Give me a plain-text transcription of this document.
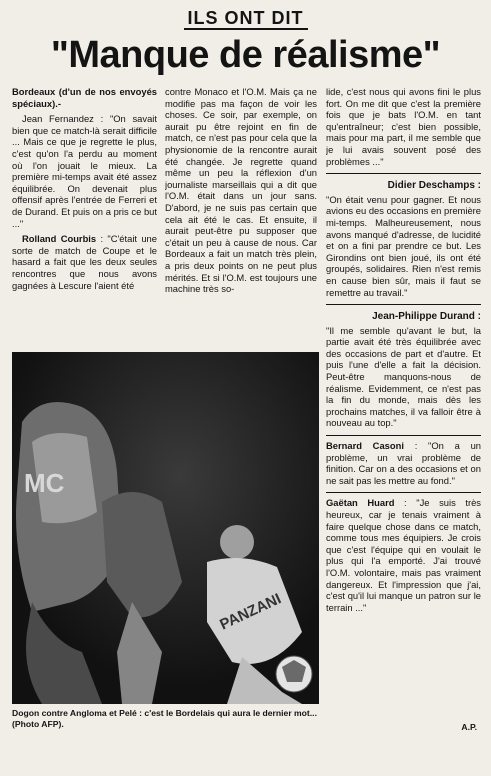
ILS ONT DIT
"Manque de réalisme"

Bordeaux (d'un de nos envoyés spéciaux).-

Jean Fernandez : "On savait bien que ce match-là serait difficile ... Mais ce que je regrette le plus, c'est qu'on l'a perdu au moment où l'on jouait le mieux. La première mi-temps avait été assez équilibrée. On devenait plus offensif après l'entrée de Ferreri et de Durand. Et puis on a pris ce but ..."

Rolland Courbis : "C'était une sorte de match de Coupe et le hasard a fait que les deux seules rencontres que nous avons gagnées à Lescure l'aient été

contre Monaco et l'O.M. Mais ça ne modifie pas ma façon de voir les choses. Ce soir, par exemple, on aurait pu être rejoint en fin de match, ce n'est pas pour cela que la physionomie de la rencontre aurait été changée. Je regrette quand même un peu la réflexion d'un journaliste marseillais qui a dit que l'O.M. était dans un jour sans. D'abord, je ne suis pas certain que cela ait été le cas. Et ensuite, il aurait peut-être pu supposer que c'était un peu à cause de nous. Car Bordeaux a fait un match très plein, a pris deux points on ne peut plus mérités. Et si l'O.M. est toujours une machine très so-

lide, c'est nous qui avons fini le plus fort. On me dit que c'est la première fois que je bats l'O.M. en tant qu'entraîneur; c'est bien possible, mais pour ma part, il me semble que je lui avais souvent posé des problèmes ..."

Didier Deschamps :

"On était venu pour gagner. Et nous avions eu des occasions en première mi-temps. Malheureusement, nous avons manqué d'adresse, de lucidité et on a fini par prendre ce but. Les Girondins ont bien joué, ils ont été groupés, solidaires. Rien n'est remis en cause bien sûr, mais il faut se remettre au travail."

Jean-Philippe Durand :

"Il me semble qu'avant le but, la partie avait été très équilibrée avec des occasions de part et d'autre. Et puis l'une d'elle a fait la décision. Peut-être manquons-nous de réalisme. Evidemment, ce n'est pas la fin du monde, mais dès les prochains matches, il va falloir être à nouveau au top."

Bernard Casoni : "On a un problème, un vrai problème de finition. Car on a des occasions et on ne sait pas les mettre au fond."

Gaëtan Huard : "Je suis très heureux, car je tenais vraiment à faire quelque chose dans ce match, comme tous mes équipiers. Je crois que c'est l'équipe qui en voulait le plus qui l'a emporté. J'ai trouvé l'O.M. volontaire, mais pas vraiment dangereux. Et l'impression que j'ai, c'est qu'il lui manque un patron sur le terrain ..."

MC
PANZANI
Dogon contre Angloma et Pelé : c'est le Bordelais qui aura le dernier mot... (Photo AFP).	A.P.
